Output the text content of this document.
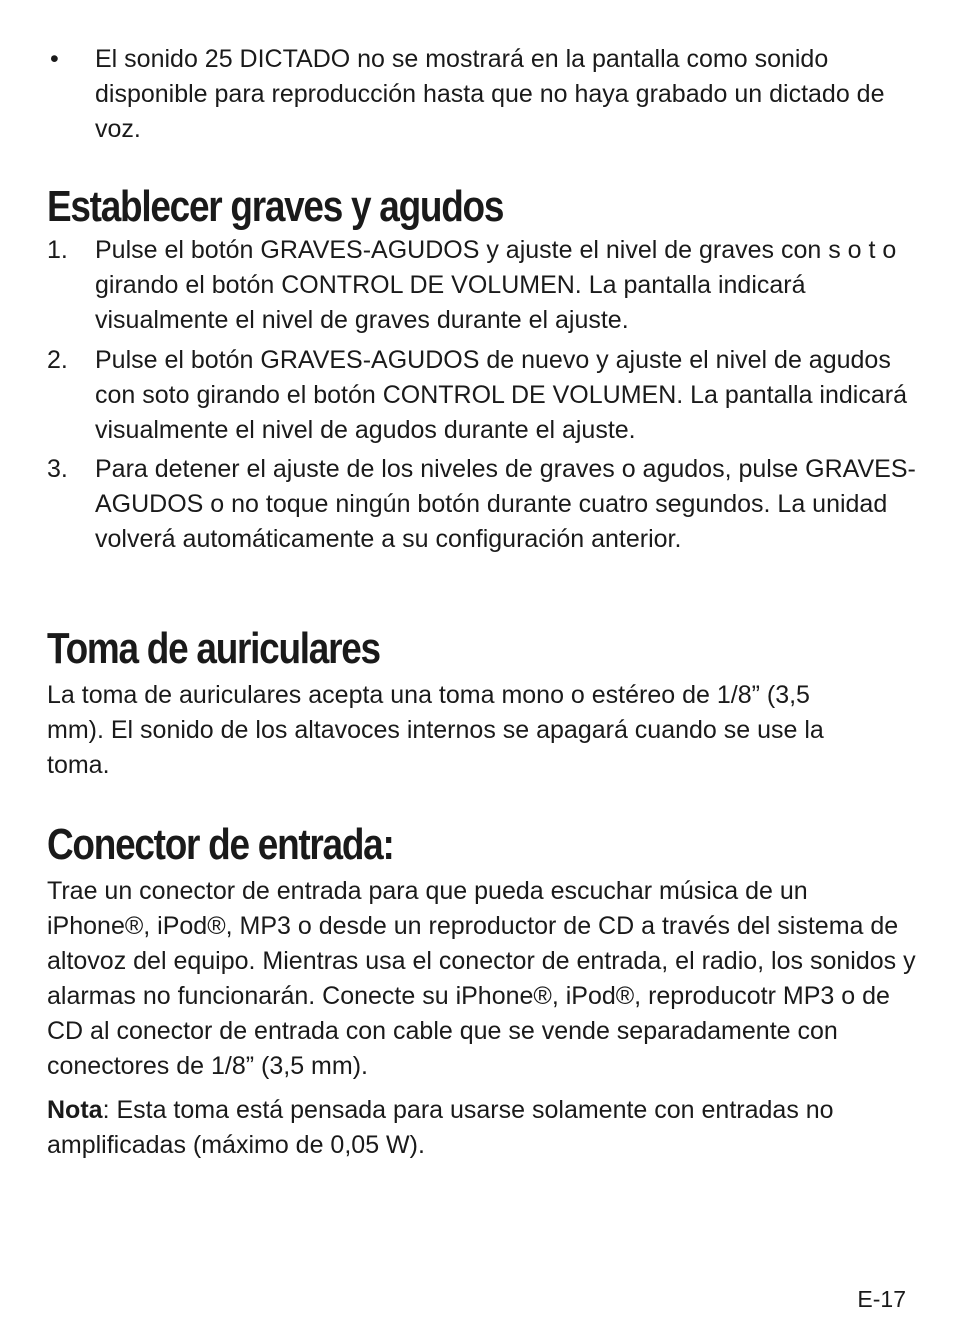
• El sonido 25 DICTADO no se mostrará en la pantalla como sonido disponible para reproducción hasta que no haya grabado un dictado de voz.
Establecer graves y agudos
1. Pulse el botón GRAVES-AGUDOS y ajuste el nivel de graves con s o t o girando el botón CONTROL DE VOLUMEN. La pantalla indicará visualmente el nivel de graves durante el ajuste.
2. Pulse el botón GRAVES-AGUDOS de nuevo y ajuste el nivel de agudos con soto girando el botón CONTROL DE VOLUMEN. La pantalla indicará visualmente el nivel de agudos durante el ajuste.
3. Para detener el ajuste de los niveles de graves o agudos, pulse GRAVES-AGUDOS o no toque ningún botón durante cuatro segundos. La unidad volverá automáticamente a su configuración anterior.
Toma de auriculares
La toma de auriculares acepta una toma mono o estéreo de 1/8” (3,5 mm). El sonido de los altavoces internos se apagará cuando se use la toma.
Conector de entrada:
Trae un conector de entrada para que pueda escuchar música de un iPhone®, iPod®, MP3 o desde un reproductor de CD a través del sistema de altovoz del equipo. Mientras usa el conector de entrada, el radio, los sonidos y alarmas no funcionarán. Conecte su iPhone®, iPod®, reproducotr MP3 o de CD al conector de entrada con cable que se vende separadamente con conectores de 1/8” (3,5 mm).
Nota: Esta toma está pensada para usarse solamente con entradas no amplificadas (máximo de 0,05 W).
E-17
